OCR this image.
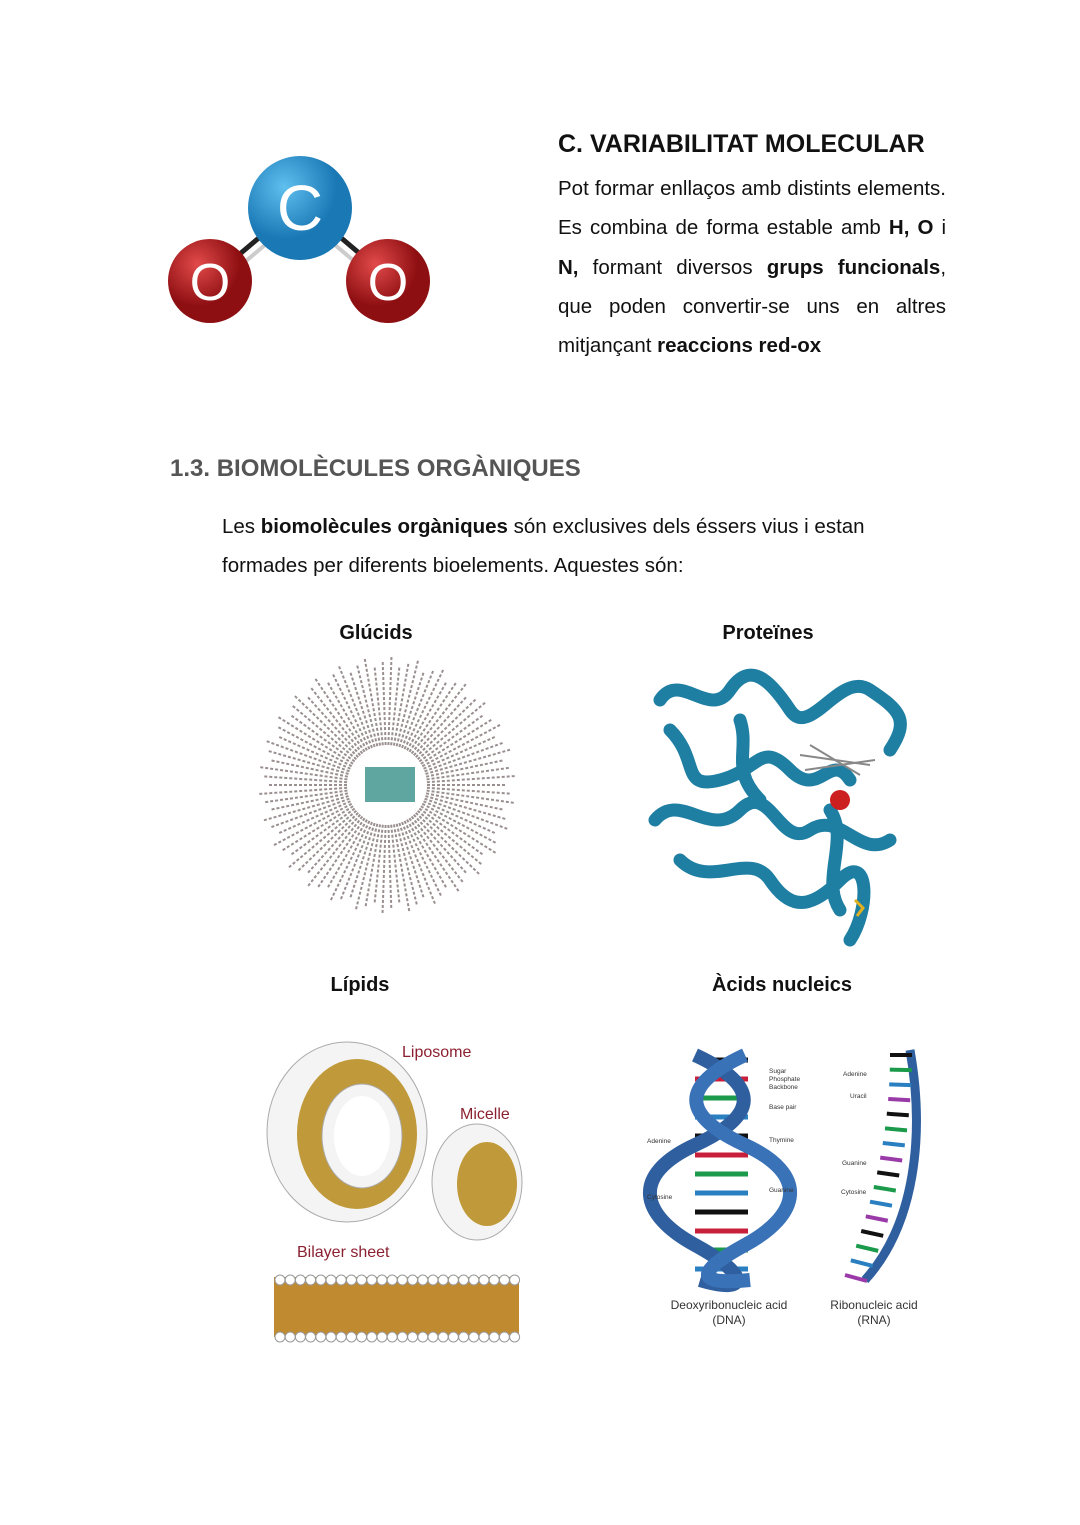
O
C
O
C. VARIABILITAT MOLECULAR
Pot formar enllaços amb distints elements. Es combina de forma estable amb H, O i N, formant diversos grups funcionals, que poden convertir-se uns en altres mitjançant reaccions red-ox
1.3. BIOMOLÈCULES ORGÀNIQUES
Les biomolècules orgàniques són exclusives dels éssers vius i estan formades per diferents bioelements. Aquestes són:
Glúcids	Proteïnes
Lípids	Àcids nucleics
Liposome
Micelle
Bilayer sheet
Sugar
Phosphate
Backbone
Base pair
Adenine	Thymine
Cytosine
Guanine
Adenine
Uracil
Guanine
Cytosine
Deoxyribonucleic acid
(DNA)
Ribonucleic acid
(RNA)
